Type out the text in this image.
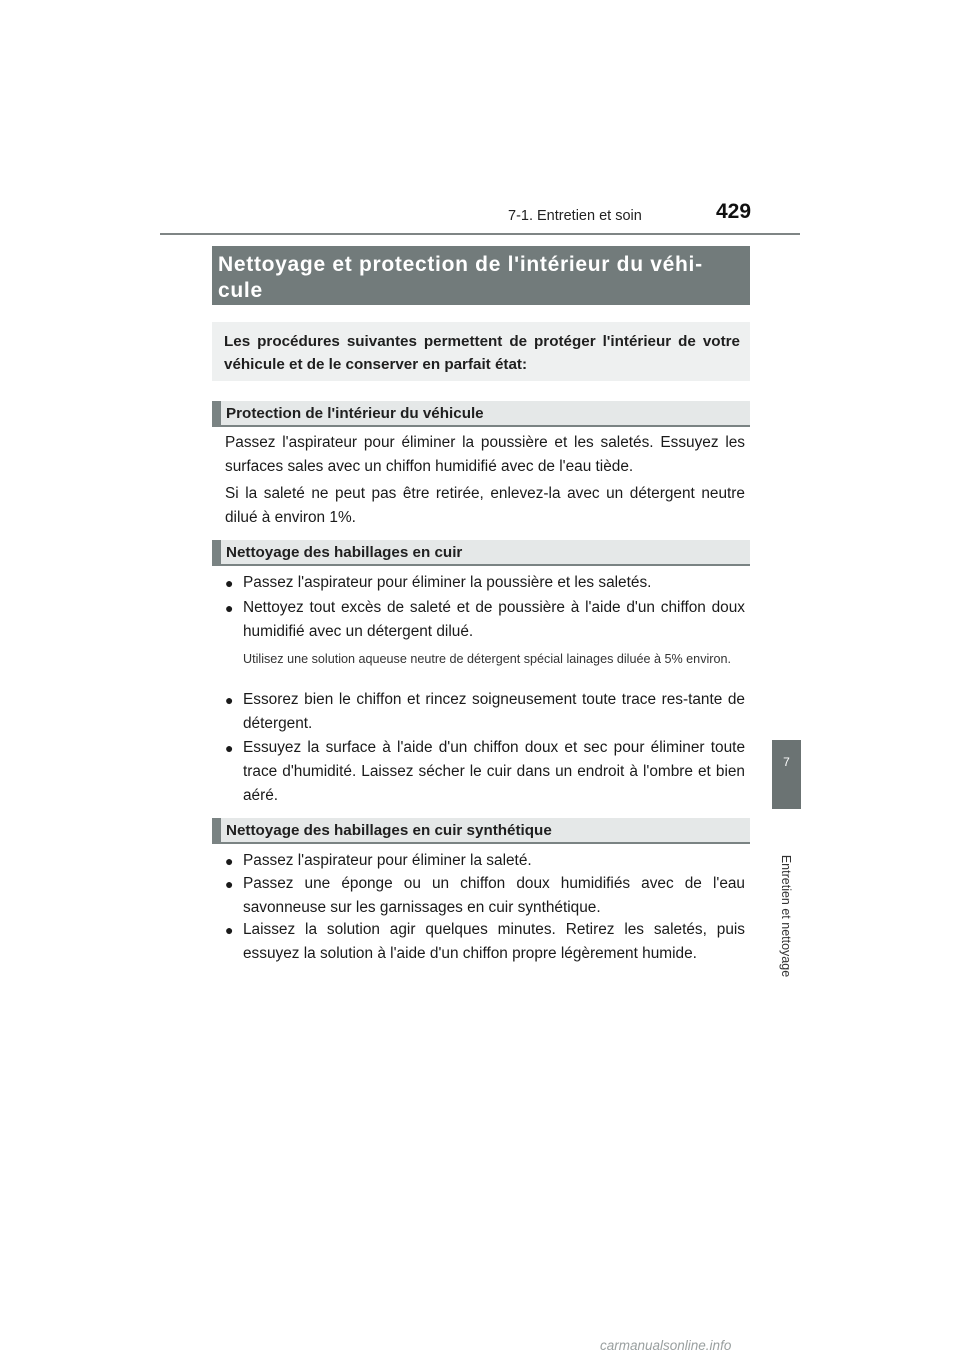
7-1. Entretien et soin	429
7
Entretien et nettoyage
Nettoyage et protection de l'intérieur du véhi-
cule
Les procédures suivantes permettent de protéger l'intérieur de votre véhicule et de le conserver en parfait état:
Protection de l'intérieur du véhicule

Passez l'aspirateur pour éliminer la poussière et les saletés. Essuyez les surfaces sales avec un chiffon humidifié avec de l'eau tiède.

Si la saleté ne peut pas être retirée, enlevez-la avec un détergent neutre dilué à environ 1%.

Nettoyage des habillages en cuir
● Passez l'aspirateur pour éliminer la poussière et les saletés.
● Nettoyez tout excès de saleté et de poussière à l'aide d'un chiffon doux humidifié avec un détergent dilué.

Utilisez une solution aqueuse neutre de détergent spécial lainages diluée à 5% environ.

● Essorez bien le chiffon et rincez soigneusement toute trace res-tante de détergent.
● Essuyez la surface à l'aide d'un chiffon doux et sec pour éliminer toute trace d'humidité. Laissez sécher le cuir dans un endroit à l'ombre et bien aéré.
Nettoyage des habillages en cuir synthétique
● Passez l'aspirateur pour éliminer la saleté.
● Passez une éponge ou un chiffon doux humidifiés avec de l'eau savonneuse sur les garnissages en cuir synthétique.
● Laissez la solution agir quelques minutes. Retirez les saletés, puis essuyez la solution à l'aide d'un chiffon propre légèrement humide.
carmanualsonline.info
